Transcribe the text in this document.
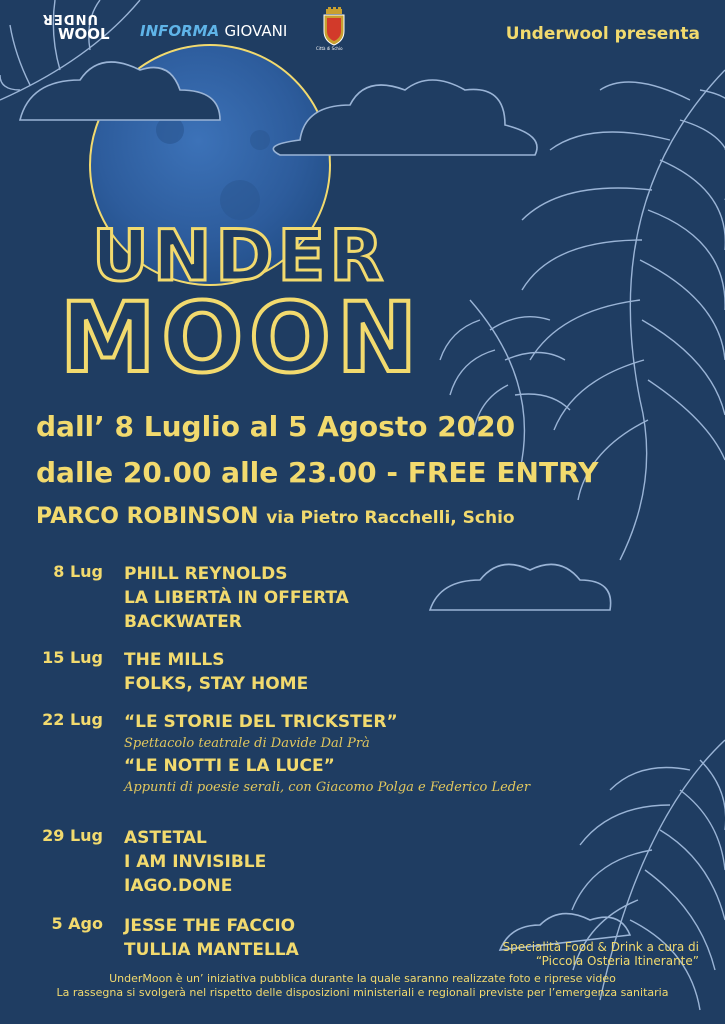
UNDER
WOOL INFORMA GIOVANI
Città di Schio
Underwool presenta
UNDER
MOON
dall’ 8 Luglio al 5 Agosto 2020
dalle 20.00 alle 23.00 - FREE ENTRY
PARCO ROBINSON via Pietro Racchelli, Schio
8 Lug PHILL REYNOLDS
LA LIBERTÀ IN OFFERTA
BACKWATER
15 Lug THE MILLS
FOLKS, STAY HOME
22 Lug “LE STORIE DEL TRICKSTER”
Spettacolo teatrale di Davide Dal Prà
“LE NOTTI E LA LUCE”
Appunti di poesie serali, con Giacomo Polga e Federico Leder
29 Lug ASTETAL
I AM INVISIBLE
IAGO.DONE
5 Ago JESSE THE FACCIO
TULLIA MANTELLA	Specialità Food & Drink a cura di
“Piccola Osteria Itinerante”
UnderMoon è un’ iniziativa pubblica durante la quale saranno realizzate foto e riprese video
La rassegna si svolgerà nel rispetto delle disposizioni ministeriali e regionali previste per l’emergenza sanitaria
